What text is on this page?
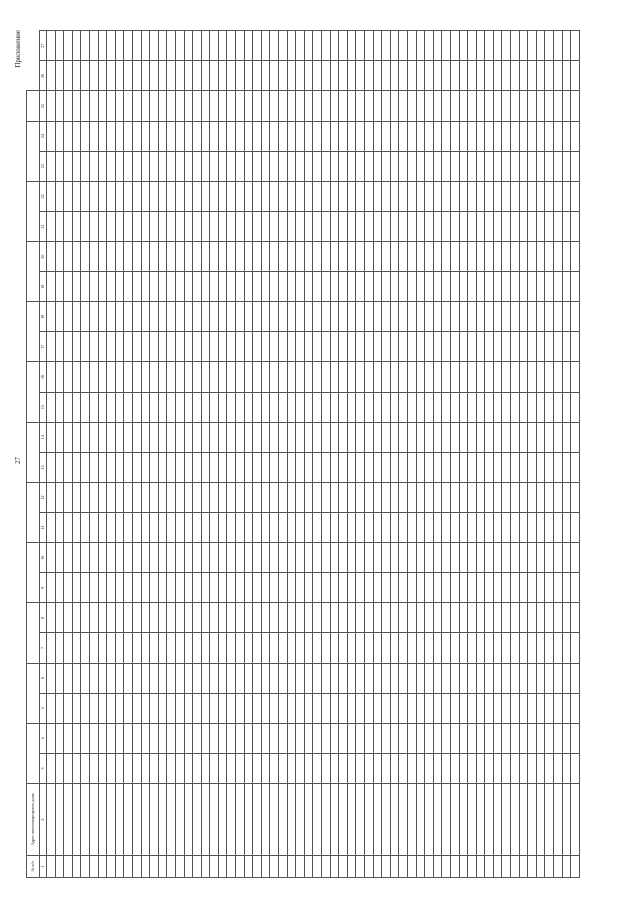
Приложение
27
№ п/п	Адрес многоквартирного дома																									
1	2	3	4	5	6	7	8	9	10	11	12	13	14	15	16	17	18	19	20	21	22	23	24	25	26	27
